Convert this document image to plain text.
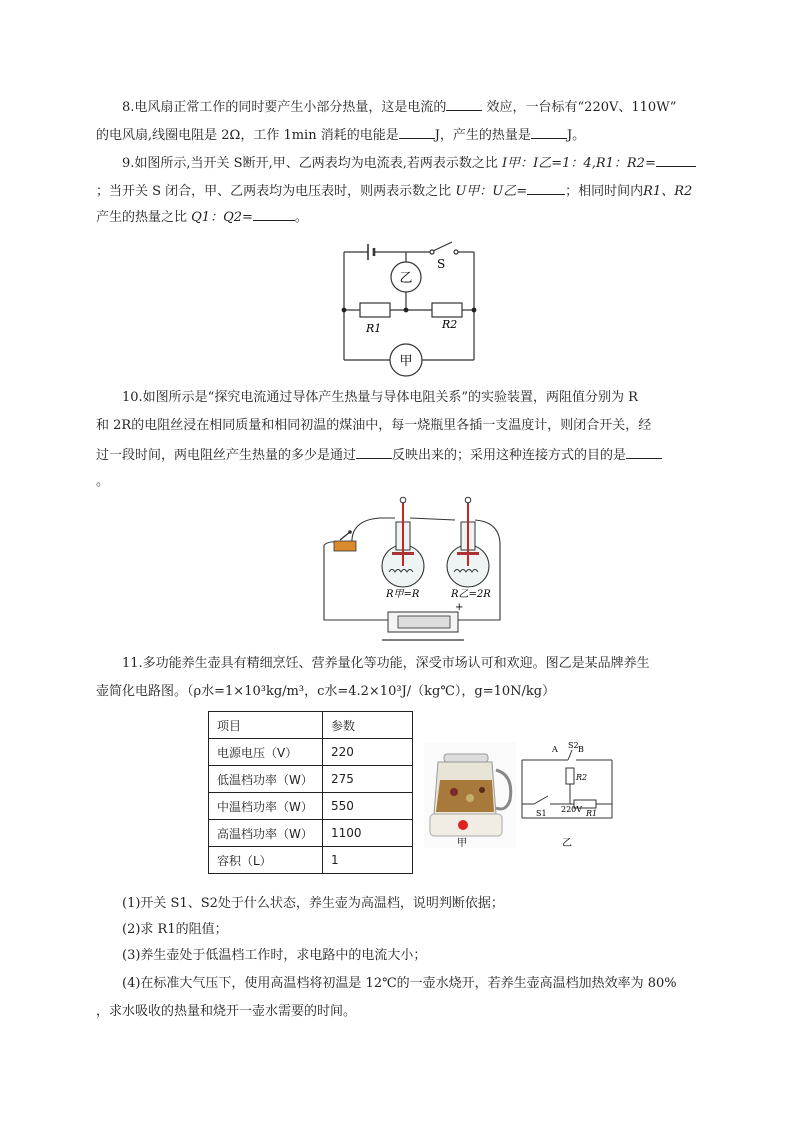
8.电风扇正常工作的同时要产生小部分热量，这是电流的	效应，一台标有“220V、110W”
的电风扇,线圈电阻是 2Ω，工作 1min 消耗的电能是	J，产生的热量是	J。
9.如图所示,当开关 S断开,甲、乙两表均为电流表,若两表示数之比 I甲：I乙=1：4,R1：R2=
；当开关 S 闭合，甲、乙两表均为电压表时，则两表示数之比 U甲：U乙=	；相同时间内R1、R2
产生的热量之比 Q1：Q2=	。
乙
甲
S
R1	R2
10.如图所示是“探究电流通过导体产生热量与导体电阻关系”的实验装置，两阻值分别为 R
和 2R的电阻丝浸在相同质量和相同初温的煤油中，每一烧瓶里各插一支温度计，则闭合开关，经
过一段时间，两电阻丝产生热量的多少是通过	反映出来的；采用这种连接方式的目的是
。
+
R甲=R	R乙=2R
11.多功能养生壶具有精细烹饪、营养量化等功能，深受市场认可和欢迎。图乙是某品牌养生
壶简化电路图。（ρ水=1×10³kg/m³，c水=4.2×10³J/（kg℃），g=10N/kg）
项目	参数
电源电压（V）	220
低温档功率（W）	275
中温档功率（W）	550
高温档功率（W）	1100
容积（L）	1
A	B
S2
S1
R2
R1
220V
甲	乙
(1)开关 S1、S2处于什么状态，养生壶为高温档，说明判断依据；
(2)求 R1的阻值；
(3)养生壶处于低温档工作时，求电路中的电流大小；
(4)在标准大气压下，使用高温档将初温是 12℃的一壶水烧开，若养生壶高温档加热效率为 80%
，求水吸收的热量和烧开一壶水需要的时间。
